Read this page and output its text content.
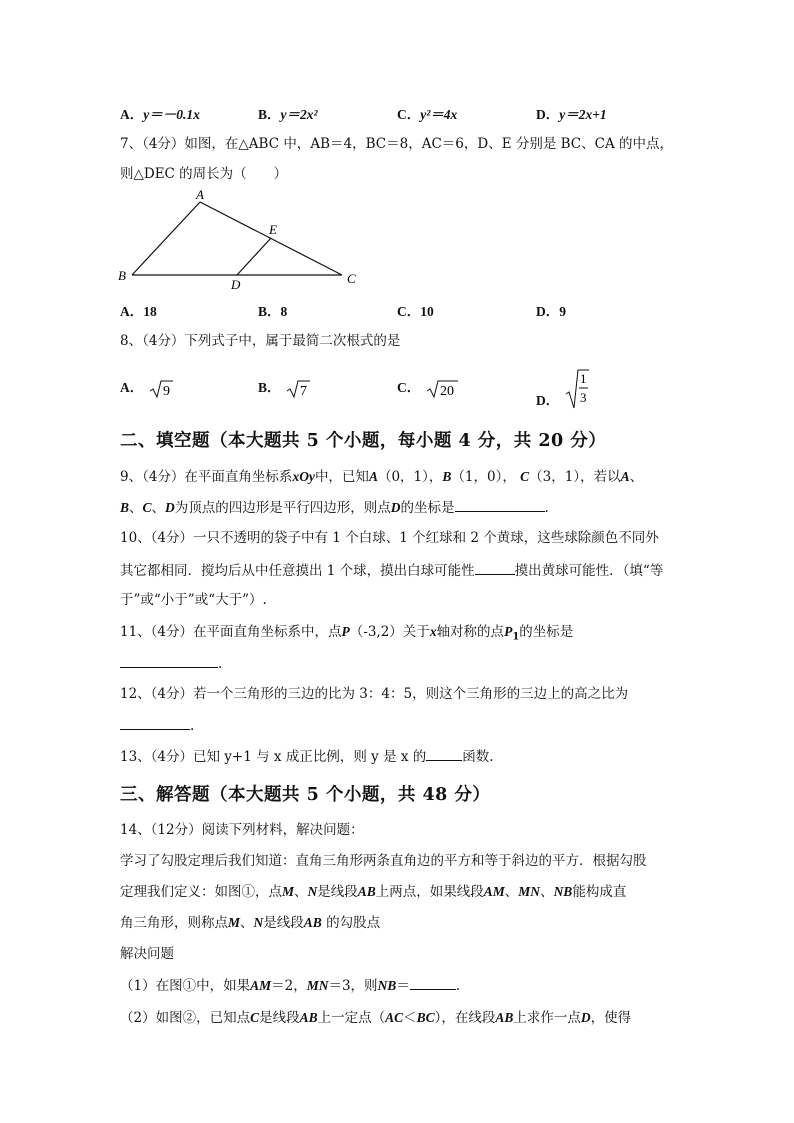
A．y＝－0.1x	B．y＝2x²	C．y²＝4x	D．y＝2x+1
7、（4分）如图，在△ABC 中，AB＝4，BC＝8，AC＝6，D、E 分别是 BC、CA 的中点，
则△DEC 的周长为（　　）
A
B	C
D
E
A．18	B．8	C．10	D．9
8、（4分）下列式子中，属于最简二次根式的是
A． 9	B． 7	C． 20
D．
1
3
二、填空题（本大题共 5 个小题，每小题 4 分，共 20 分）
9、（4分）在平面直角坐标系xOy中，已知A（0，1），B（1，0）， C（3，1），若以A、
B、C、D为顶点的四边形是平行四边形，则点D的坐标是	.
10、（4分）一只不透明的袋子中有 1 个白球、1 个红球和 2 个黄球，这些球除颜色不同外
其它都相同．搅均后从中任意摸出 1 个球，摸出白球可能性	摸出黄球可能性．（填“等
于”或“小于”或“大于”）.
11、（4分）在平面直角坐标系中，点P（-3,2）关于x轴对称的点$P_1$的坐标是
.
12、（4分）若一个三角形的三边的比为 3：4：5，则这个三角形的三边上的高之比为
.
13、（4分）已知 y+1 与 x 成正比例，则 y 是 x 的	函数.
三、解答题（本大题共 5 个小题，共 48 分）
14、（12分）阅读下列材料，解决问题：
学习了勾股定理后我们知道：直角三角形两条直角边的平方和等于斜边的平方．根据勾股
定理我们定义：如图①，点M、N是线段AB上两点，如果线段AM、MN、NB能构成直
角三角形，则称点M、N是线段AB 的勾股点
解决问题
（1）在图①中，如果AM＝2，MN＝3，则NB＝	.
（2）如图②，已知点C是线段AB上一定点（AC＜BC），在线段AB上求作一点D，使得
